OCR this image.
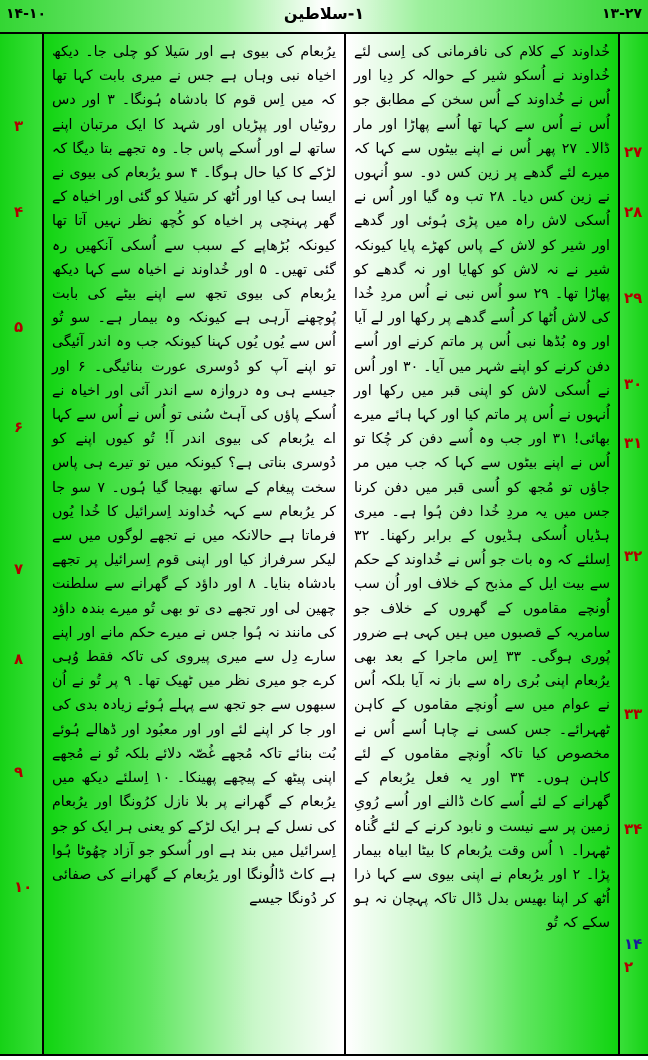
۱۴-۱۰	۱-سلاطین	۱۳-۲۷
خُداوند کے کلام کی نافرمانی کی اِسی لئے خُداوند نے اُسکو شیر کے حوالہ کر دِیا اور اُس نے خُداوند کے اُس سخن کے مطابق جو اُس نے اُس سے کہا تھا اُسے پھاڑا اور مار ڈالا۔ ۲۷ پھر اُس نے اپنے بیٹوں سے کہا کہ میرے لئے گدھے پر زین کس دو۔ سو اُنہوں نے زین کس دیا۔ ۲۸ تب وہ گیا اور اُس نے اُسکی لاش راہ میں پڑی ہُوئی اور گدھے اور شیر کو لاش کے پاس کھڑے پایا کیونکہ شیر نے نہ لاش کو کھایا اور نہ گدھے کو پھاڑا تھا۔ ۲۹ سو اُس نبی نے اُس مردِ خُدا کی لاش اُٹھا کر اُسے گدھے پر رکھا اور لے آیا اور وہ بُڈھا نبی اُس پر ماتم کرنے اور اُسے دفن کرنے کو اپنے شہر میں آیا۔ ۳۰ اور اُس نے اُسکی لاش کو اپنی قبر میں رکھا اور اُنہوں نے اُس پر ماتم کیا اور کہا ہائے میرے بھائی! ۳۱ اور جب وہ اُسے دفن کر چُکا تو اُس نے اپنے بیٹوں سے کہا کہ جب میں مر جاؤں تو مُجھ کو اُسی قبر میں دفن کرنا جس میں یہ مردِ خُدا دفن ہُوا ہے۔ میری ہڈیاں اُسکی ہڈیوں کے برابر رکھنا۔ ۳۲ اِسلئے کہ وہ بات جو اُس نے خُداوند کے حکم سے بیت ایل کے مذبح کے خلاف اور اُن سب اُونچے مقاموں کے گھروں کے خلاف جو سامریہ کے قصبوں میں ہیں کہی ہے ضرور پُوری ہوگی۔ ۳۳ اِس ماجرا کے بعد بھی یرُبعام اپنی بُری راہ سے باز نہ آیا بلکہ اُس نے عوام میں سے اُونچے مقاموں کے کاہن ٹھہرائے۔ جس کسی نے چاہا اُسے اُس نے مخصوص کیا تاکہ اُونچے مقاموں کے لئے کاہن ہوں۔ ۳۴ اور یہ فعل یرُبعام کے گھرانے کے لئے اُسے کاٹ ڈالنے اور اُسے رُویِ زمین پر سے نیست و نابود کرنے کے لئے گُناہ ٹھہرا۔ ۱ اُس وقت یرُبعام کا بیٹا ابیاہ بیمار پڑا۔ ۲ اور یرُبعام نے اپنی بیوی سے کہا ذرا اُٹھ کر اپنا بھیس بدل ڈال تاکہ پہچان نہ ہو سکے کہ تُو
یرُبعام کی بیوی ہے اور سَیلا کو چلی جا۔ دیکھ اخیاہ نبی وہاں ہے جس نے میری بابت کہا تھا کہ میں اِس قوم کا بادشاہ ہُونگا۔ ۳ اور دس روٹیاں اور پپڑیاں اور شہد کا ایک مرتبان اپنے ساتھ لے اور اُسکے پاس جا۔ وہ تجھے بتا دیگا کہ لڑکے کا کیا حال ہوگا۔ ۴ سو یرُبعام کی بیوی نے ایسا ہی کیا اور اُٹھ کر سَیلا کو گئی اور اخیاہ کے گھر پہنچی پر اخیاہ کو کُچھ نظر نہیں آتا تھا کیونکہ بُڑھاپے کے سبب سے اُسکی آنکھیں رہ گئی تھیں۔ ۵ اور خُداوند نے اخیاہ سے کہا دیکھ یرُبعام کی بیوی تجھ سے اپنے بیٹے کی بابت پُوچھنے آرہی ہے کیونکہ وہ بیمار ہے۔ سو تُو اُس سے یُوں یُوں کہنا کیونکہ جب وہ اندر آئیگی تو اپنے آپ کو دُوسری عورت بنائیگی۔ ۶ اور جیسے ہی وہ دروازہ سے اندر آئی اور اخیاہ نے اُسکے پاؤں کی آہٹ سُنی تو اُس نے اُس سے کہا اے یرُبعام کی بیوی اندر آ! تُو کیوں اپنے کو دُوسری بناتی ہے؟ کیونکہ میں تو تیرے ہی پاس سخت پیغام کے ساتھ بھیجا گیا ہُوں۔ ۷ سو جا کر یرُبعام سے کہہ خُداوند اِسرائیل کا خُدا یُوں فرماتا ہے حالانکہ میں نے تجھے لوگوں میں سے لیکر سرفراز کیا اور اپنی قوم اِسرائیل پر تجھے بادشاہ بنایا۔ ۸ اور داؤد کے گھرانے سے سلطنت چھین لی اور تجھے دی تو بھی تُو میرے بندہ داؤد کی مانند نہ ہُوا جس نے میرے حکم مانے اور اپنے سارے دِل سے میری پیروی کی تاکہ فقط وُہی کرے جو میری نظر میں ٹھیک تھا۔ ۹ پر تُو نے اُن سبھوں سے جو تجھ سے پہلے ہُوئے زیادہ بدی کی اور جا کر اپنے لئے اور اور معبُود اور ڈھالے ہُوئے بُت بنائے تاکہ مُجھے غُصّہ دلائے بلکہ تُو نے مُجھے اپنی پیٹھ کے پیچھے پھینکا۔ ۱۰ اِسلئے دیکھ میں یرُبعام کے گھرانے پر بلا نازل کرُونگا اور یرُبعام کی نسل کے ہر ایک لڑکے کو یعنی ہر ایک کو جو اِسرائیل میں بند ہے اور اُسکو جو آزاد چھُوٹا ہُوا ہے کاٹ ڈالُونگا اور یرُبعام کے گھرانے کی صفائی کر دُونگا جیسے
۲۷
۲۸
۲۹
۳۰
۳۱
۳۲
۳۳
۳۴
۱۴
۲
۳
۴
۵
۶
۷
۸
۹
۱۰
